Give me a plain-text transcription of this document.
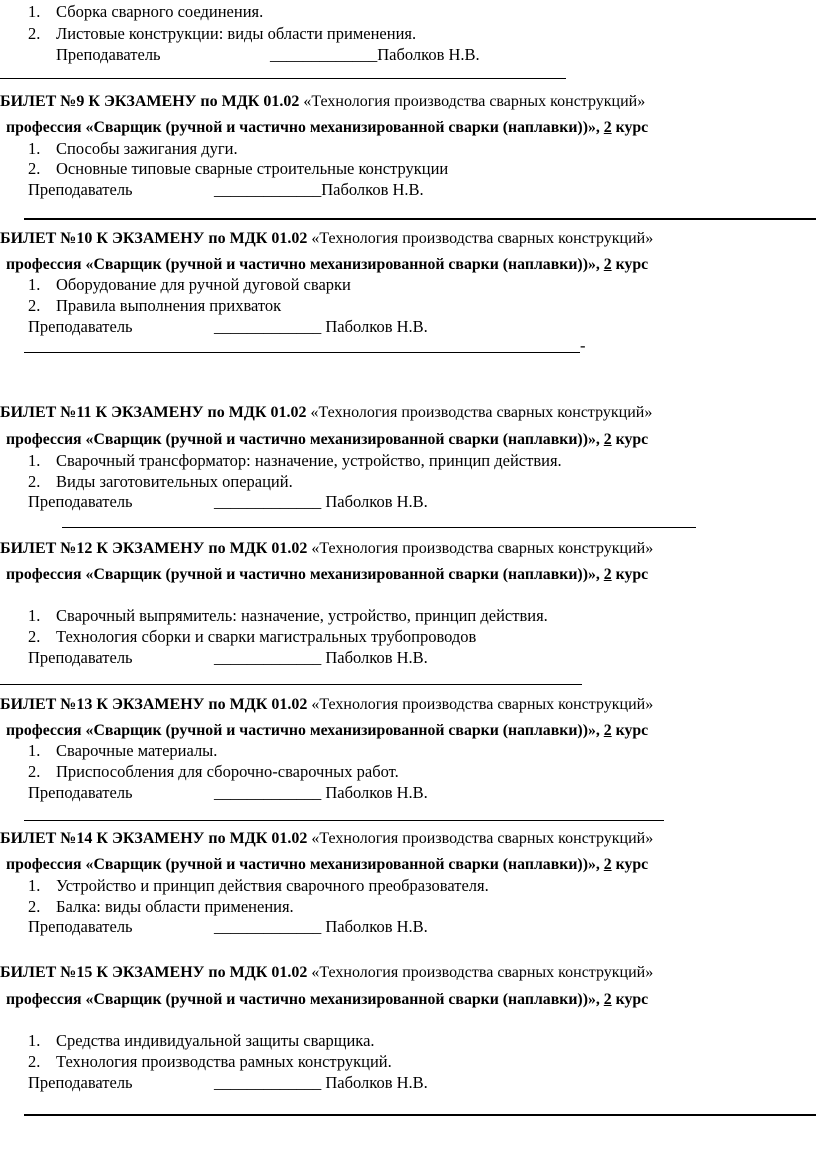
1. Сборка сварного соединения.
2. Листовые конструкции: виды области применения.
Преподаватель	_____________Паболков Н.В.
БИЛЕТ №9 К ЭКЗАМЕНУ по МДК 01.02 «Технология производства сварных конструкций»
профессия «Сварщик (ручной и частично механизированной сварки (наплавки))», 2 курс
1. Способы зажигания дуги.
2. Основные типовые сварные строительные конструкции
Преподаватель	_____________Паболков Н.В.
БИЛЕТ №10 К ЭКЗАМЕНУ по МДК 01.02 «Технология производства сварных конструкций»
профессия «Сварщик (ручной и частично механизированной сварки (наплавки))», 2 курс
1. Оборудование для ручной дуговой сварки
2. Правила выполнения прихваток
Преподаватель	_____________ Паболков Н.В.
-
БИЛЕТ №11 К ЭКЗАМЕНУ по МДК 01.02 «Технология производства сварных конструкций»
профессия «Сварщик (ручной и частично механизированной сварки (наплавки))», 2 курс
1. Сварочный трансформатор: назначение, устройство, принцип действия.
2. Виды заготовительных операций.
Преподаватель	_____________ Паболков Н.В.
БИЛЕТ №12 К ЭКЗАМЕНУ по МДК 01.02 «Технология производства сварных конструкций»
профессия «Сварщик (ручной и частично механизированной сварки (наплавки))», 2 курс
1. Сварочный выпрямитель: назначение, устройство, принцип действия.
2. Технология сборки и сварки магистральных трубопроводов
Преподаватель	_____________ Паболков Н.В.
БИЛЕТ №13 К ЭКЗАМЕНУ по МДК 01.02 «Технология производства сварных конструкций»
профессия «Сварщик (ручной и частично механизированной сварки (наплавки))», 2 курс
1. Сварочные материалы.
2. Приспособления для сборочно-сварочных работ.
Преподаватель	_____________ Паболков Н.В.
БИЛЕТ №14 К ЭКЗАМЕНУ по МДК 01.02 «Технология производства сварных конструкций»
профессия «Сварщик (ручной и частично механизированной сварки (наплавки))», 2 курс
1. Устройство и принцип действия сварочного преобразователя.
2. Балка: виды области применения.
Преподаватель	_____________ Паболков Н.В.
БИЛЕТ №15 К ЭКЗАМЕНУ по МДК 01.02 «Технология производства сварных конструкций»
профессия «Сварщик (ручной и частично механизированной сварки (наплавки))», 2 курс
1. Средства индивидуальной защиты сварщика.
2. Технология производства рамных конструкций.
Преподаватель	_____________ Паболков Н.В.
